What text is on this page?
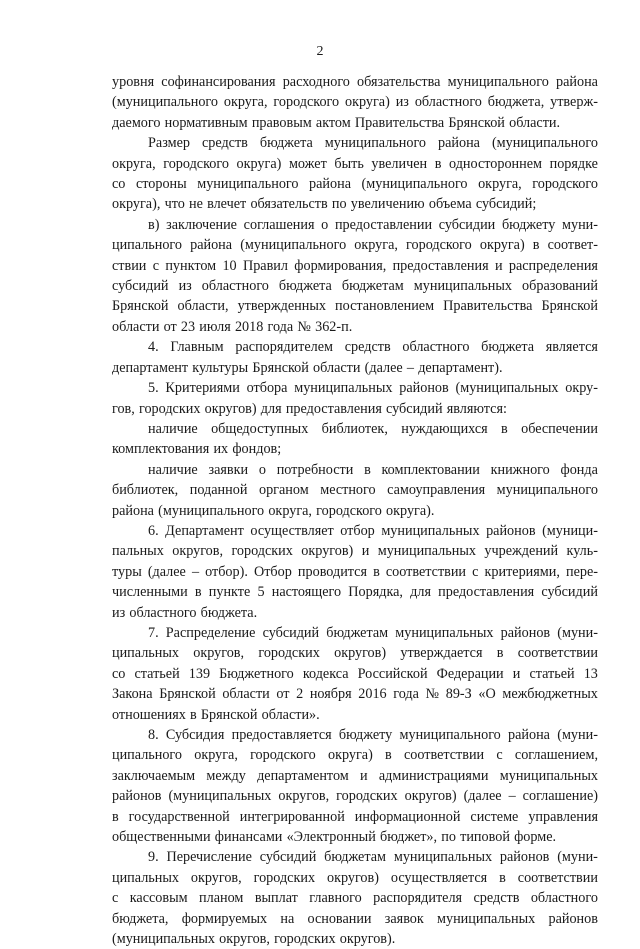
2
уровня софинансирования расходного обязательства муниципального района
(муниципального округа, городского округа) из областного бюджета, утверж-
даемого нормативным правовым актом Правительства Брянской области.
Размер средств бюджета муниципального района (муниципального
округа, городского округа) может быть увеличен в одностороннем порядке
со стороны муниципального района (муниципального округа, городского
округа), что не влечет обязательств по увеличению объема субсидий;
в) заключение соглашения о предоставлении субсидии бюджету муни-
ципального района (муниципального округа, городского округа) в соответ-
ствии с пунктом 10 Правил формирования, предоставления и распределения
субсидий из областного бюджета бюджетам муниципальных образований
Брянской области, утвержденных постановлением Правительства Брянской
области от 23 июля 2018 года № 362-п.
4. Главным распорядителем средств областного бюджета является
департамент культуры Брянской области (далее – департамент).
5. Критериями отбора муниципальных районов (муниципальных окру-
гов, городских округов) для предоставления субсидий являются:
наличие общедоступных библиотек, нуждающихся в обеспечении
комплектования их фондов;
наличие заявки о потребности в комплектовании книжного фонда
библиотек, поданной органом местного самоуправления муниципального
района (муниципального округа, городского округа).
6. Департамент осуществляет отбор муниципальных районов (муници-
пальных округов, городских округов) и муниципальных учреждений куль-
туры (далее – отбор). Отбор проводится в соответствии с критериями, пере-
численными в пункте 5 настоящего Порядка, для предоставления субсидий
из областного бюджета.
7. Распределение субсидий бюджетам муниципальных районов (муни-
ципальных округов, городских округов) утверждается в соответствии
со статьей 139 Бюджетного кодекса Российской Федерации и статьей 13
Закона Брянской области от 2 ноября 2016 года № 89-З «О межбюджетных
отношениях в Брянской области».
8. Субсидия предоставляется бюджету муниципального района (муни-
ципального округа, городского округа) в соответствии с соглашением,
заключаемым между департаментом и администрациями муниципальных
районов (муниципальных округов, городских округов) (далее – соглашение)
в государственной интегрированной информационной системе управления
общественными финансами «Электронный бюджет», по типовой форме.
9. Перечисление субсидий бюджетам муниципальных районов (муни-
ципальных округов, городских округов) осуществляется в соответствии
с кассовым планом выплат главного распорядителя средств областного
бюджета, формируемых на основании заявок муниципальных районов
(муниципальных округов, городских округов).
